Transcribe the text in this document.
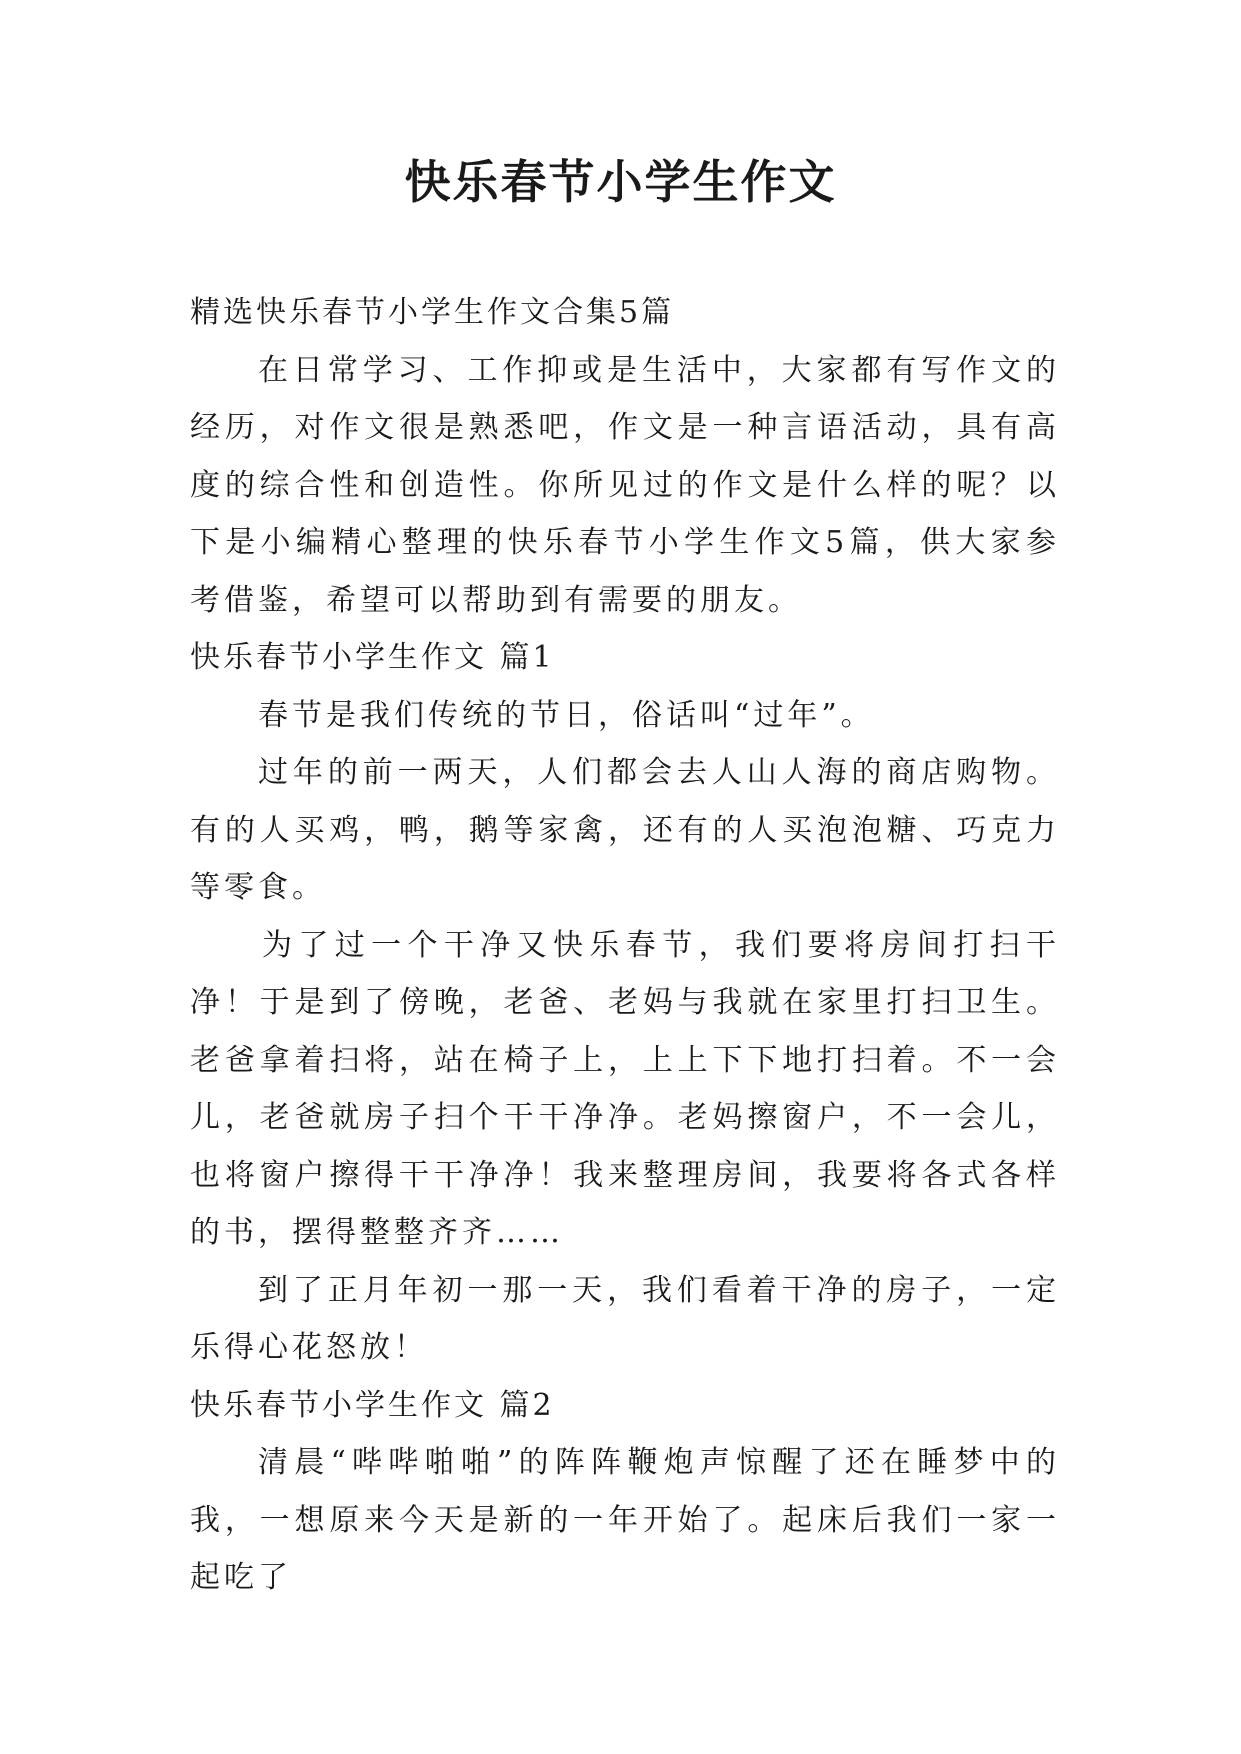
快乐春节小学生作文

精选快乐春节小学生作文合集5篇

在日常学习、工作抑或是生活中，大家都有写作文的经历，对作文很是熟悉吧，作文是一种言语活动，具有高度的综合性和创造性。你所见过的作文是什么样的呢？以下是小编精心整理的快乐春节小学生作文5篇，供大家参考借鉴，希望可以帮助到有需要的朋友。

快乐春节小学生作文 篇1

春节是我们传统的节日，俗话叫“过年”。

过年的前一两天，人们都会去人山人海的商店购物。有的人买鸡，鸭，鹅等家禽，还有的人买泡泡糖、巧克力等零食。

为了过一个干净又快乐春节，我们要将房间打扫干净！于是到了傍晚，老爸、老妈与我就在家里打扫卫生。老爸拿着扫将，站在椅子上，上上下下地打扫着。不一会儿，老爸就房子扫个干干净净。老妈擦窗户，不一会儿，也将窗户擦得干干净净！我来整理房间，我要将各式各样的书，摆得整整齐齐……

到了正月年初一那一天，我们看着干净的房子，一定乐得心花怒放！

快乐春节小学生作文 篇2

清晨“哔哔啪啪”的阵阵鞭炮声惊醒了还在睡梦中的我，一想原来今天是新的一年开始了。起床后我们一家一起吃了
